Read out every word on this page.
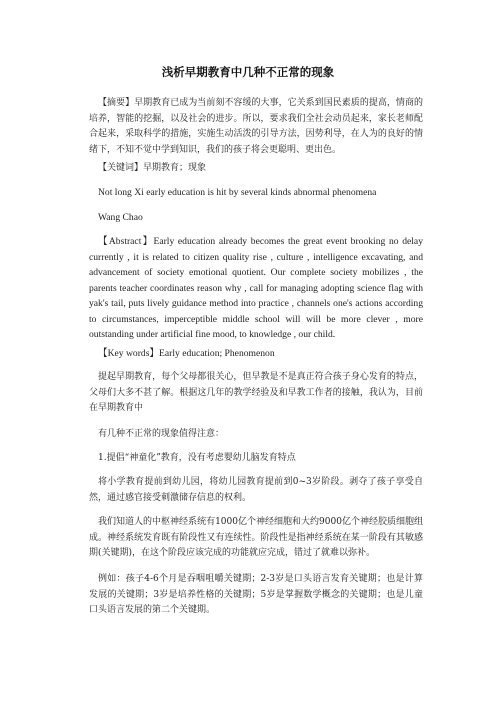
浅析早期教育中几种不正常的现象
【摘要】早期教育已成为当前刻不容缓的大事，它关系到国民素质的提高，情商的培养，智能的挖掘，以及社会的进步。所以，要求我们全社会动员起来，家长老师配合起来，采取科学的措施，实施生动活泼的引导方法，因势利导，在人为的良好的情绪下，不知不觉中学到知识，我们的孩子将会更聪明、更出色。
【关键词】早期教育；现象
Not long Xi early education is hit by several kinds abnormal phenomena
Wang Chao
【Abstract】Early education already becomes the great event brooking no delay currently , it is related to citizen quality rise , culture , intelligence excavating, and advancement of society emotional quotient. Our complete society mobilizes , the parents teacher coordinates reason why , call for managing adopting science flag with yak's tail, puts lively guidance method into practice , channels one's actions according to circumstances, imperceptible middle school will will be more clever , more outstanding under artificial fine mood, to knowledge , our child.
【Key words】Early education; Phenomenon
提起早期教育，每个父母都很关心，但早教是不是真正符合孩子身心发育的特点，父母们大多不甚了解。根据这几年的教学经验及和早教工作者的接触，我认为，目前在早期教育中
有几种不正常的现象值得注意：
1.提倡“神童化”教育，没有考虑婴幼儿脑发育特点
将小学教育提前到幼儿园，将幼儿园教育提前到0~3岁阶段。剥夺了孩子享受自然，通过感官接受刺激储存信息的权利。
我们知道人的中枢神经系统有1000亿个神经细胞和大约9000亿个神经胶质细胞组成。神经系统发育既有阶段性又有连续性。阶段性是指神经系统在某一阶段有其敏感期(关键期)，在这个阶段应该完成的功能就应完成，错过了就难以弥补。
例如：孩子4-6个月是吞咽咀嚼关键期；2-3岁是口头语言发育关键期；也是计算发展的关键期；3岁是培养性格的关键期；5岁是掌握数学概念的关键期；也是儿童口头语言发展的第二个关键期。
